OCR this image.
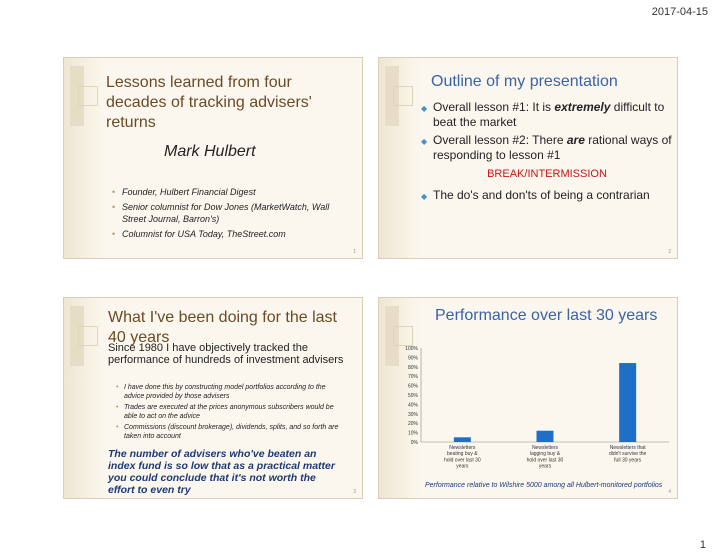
2017-04-15
Lessons learned from four decades of tracking advisers' returns
Mark Hulbert
• Founder, Hulbert Financial Digest
• Senior columnist for Dow Jones (MarketWatch, Wall Street Journal, Barron's)
• Columnist for USA Today, TheStreet.com
1
Outline of my presentation
◆ Overall lesson #1: It is extremely difficult to beat the market
◆ Overall lesson #2: There are rational ways of responding to lesson #1
BREAK/INTERMISSION
◆ The do's and don'ts of being a contrarian
2
What I've been doing for the last 40 years
Since 1980 I have objectively tracked the performance of hundreds of investment advisers
• I have done this by constructing model portfolios according to the advice provided by those advisers
• Trades are executed at the prices anonymous subscribers would be able to act on the advice
• Commissions (discount brokerage), dividends, splits, and so forth are taken into account
The number of advisers who've beaten an index fund is so low that as a practical matter you could conclude that it's not worth the effort to even try	3
Performance over last 30 years
0%
10%
20%
30%
40%
50%
60%
70%
80%
90%
100%
Newsletters
beating buy &
hold over last 30
years
Newsletters
lagging buy &
hold over last 30
years
Newsletters that
didn't survive the
full 30 years
Performance relative to Wilshire 5000 among all Hulbert-monitored portfolios
4
1
